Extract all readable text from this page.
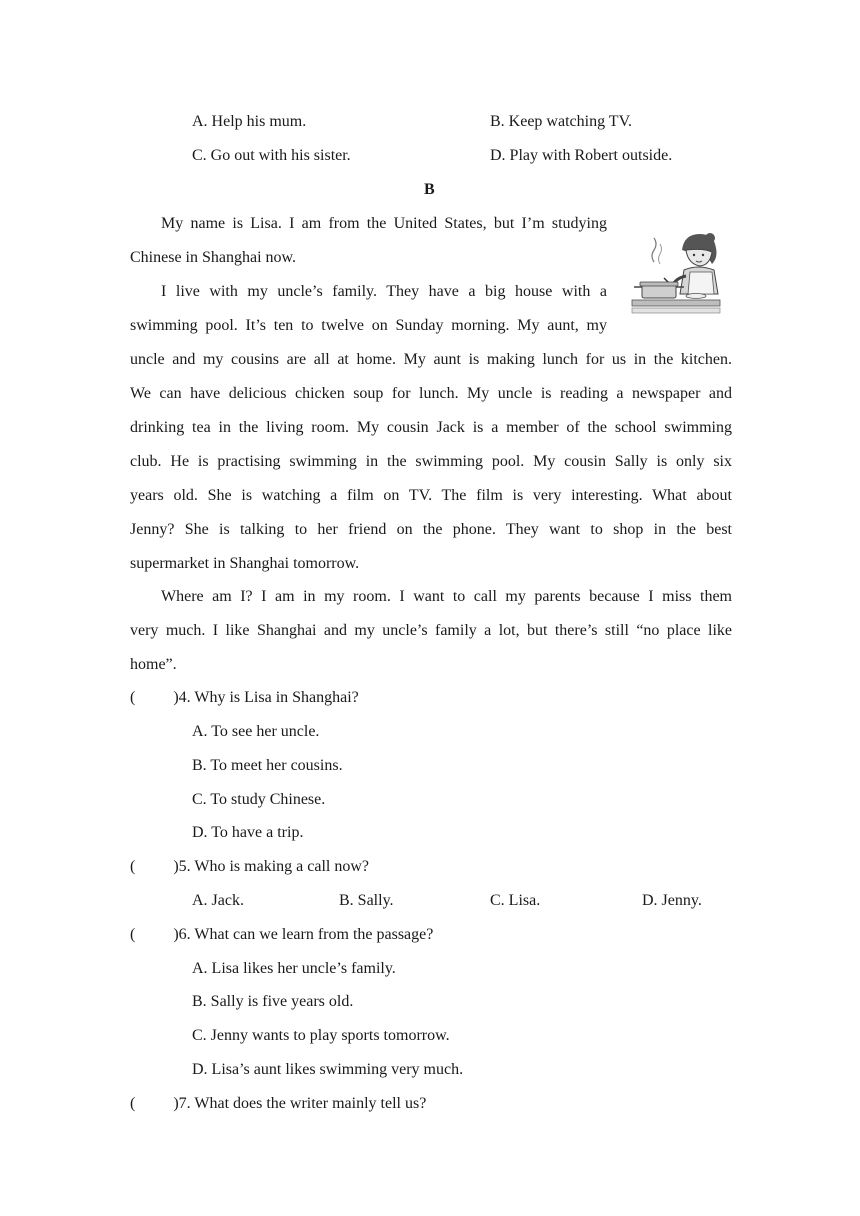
A. Help his mum.	B. Keep watching TV.
C. Go out with his sister.	D. Play with Robert outside.
B
My name is Lisa. I am from the United States, but I’m studying
Chinese in Shanghai now.
I live with my uncle’s family. They have a big house with a
swimming pool. It’s ten to twelve on Sunday morning. My aunt, my
uncle and my cousins are all at home. My aunt is making lunch for us in the kitchen.
We can have delicious chicken soup for lunch. My uncle is reading a newspaper and
drinking tea in the living room. My cousin Jack is a member of the school swimming
club. He is practising swimming in the swimming pool. My cousin Sally is only six
years old. She is watching a film on TV. The film is very interesting. What about
Jenny? She is talking to her friend on the phone. They want to shop in the best
supermarket in Shanghai tomorrow.
Where am I? I am in my room. I want to call my parents because I miss them
very much. I like Shanghai and my uncle’s family a lot, but there’s still “no place like
home”.
( )4. Why is Lisa in Shanghai?
A. To see her uncle.
B. To meet her cousins.
C. To study Chinese.
D. To have a trip.
( )5. Who is making a call now?
A. Jack.	B. Sally.	C. Lisa.	D. Jenny.
( )6. What can we learn from the passage?
A. Lisa likes her uncle’s family.
B. Sally is five years old.
C. Jenny wants to play sports tomorrow.
D. Lisa’s aunt likes swimming very much.
( )7. What does the writer mainly tell us?
